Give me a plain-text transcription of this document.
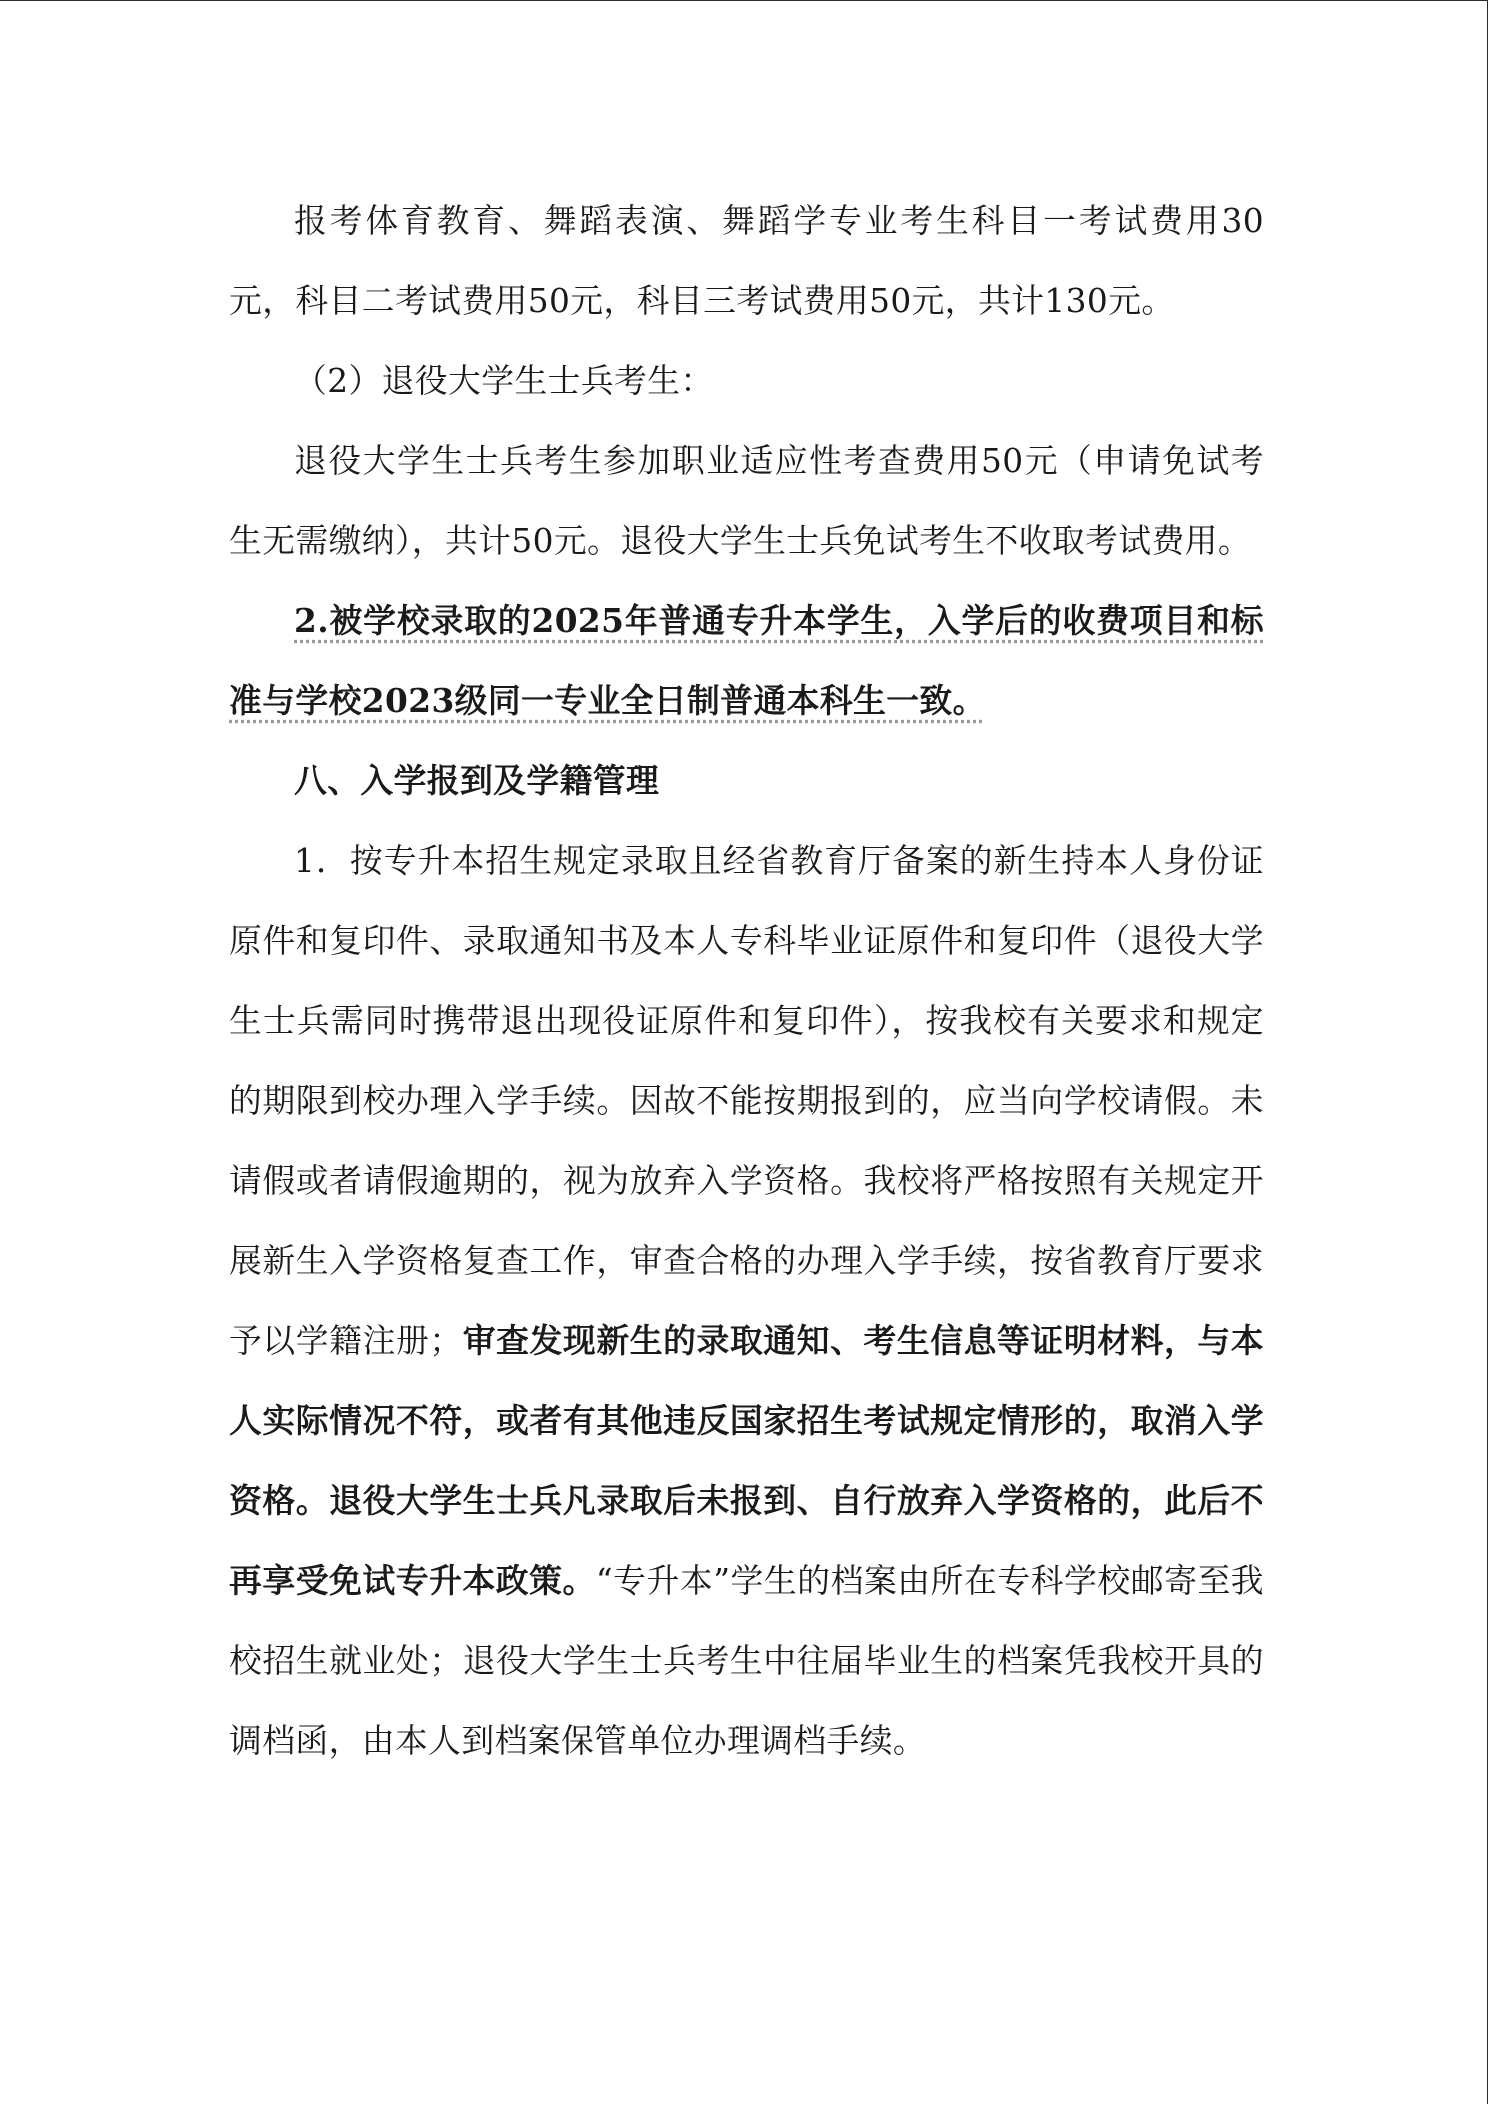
报考体育教育、舞蹈表演、舞蹈学专业考生科目一考试费用30元，科目二考试费用50元，科目三考试费用50元，共计130元。

（2）退役大学生士兵考生：

退役大学生士兵考生参加职业适应性考查费用50元（申请免试考生无需缴纳），共计50元。退役大学生士兵免试考生不收取考试费用。

2.被学校录取的2025年普通专升本学生，入学后的收费项目和标准与学校2023级同一专业全日制普通本科生一致。

八、入学报到及学籍管理

1．按专升本招生规定录取且经省教育厅备案的新生持本人身份证原件和复印件、录取通知书及本人专科毕业证原件和复印件（退役大学生士兵需同时携带退出现役证原件和复印件），按我校有关要求和规定的期限到校办理入学手续。因故不能按期报到的，应当向学校请假。未请假或者请假逾期的，视为放弃入学资格。我校将严格按照有关规定开展新生入学资格复查工作，审查合格的办理入学手续，按省教育厅要求予以学籍注册；审查发现新生的录取通知、考生信息等证明材料，与本人实际情况不符，或者有其他违反国家招生考试规定情形的，取消入学资格。退役大学生士兵凡录取后未报到、自行放弃入学资格的，此后不再享受免试专升本政策。“专升本”学生的档案由所在专科学校邮寄至我校招生就业处；退役大学生士兵考生中往届毕业生的档案凭我校开具的调档函，由本人到档案保管单位办理调档手续。
